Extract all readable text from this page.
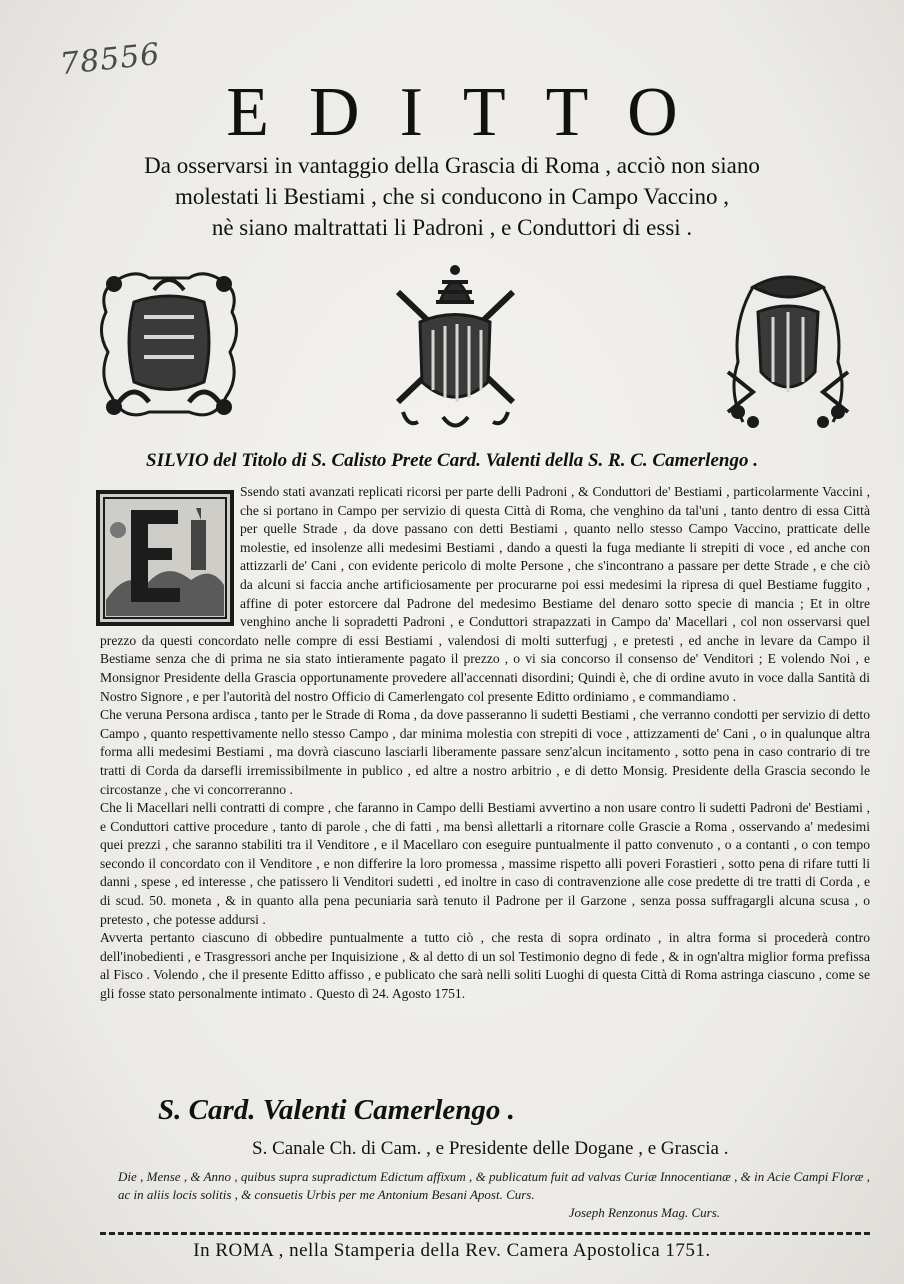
78556
EDITTO
Da osservarsi in vantaggio della Grascia di Roma , acciò non siano
molestati li Bestiami , che si conducono in Campo Vaccino ,
nè siano maltrattati li Padroni , e Conduttori di essi .
SILVIO del Titolo di S. Calisto Prete Card. Valenti della S. R. C. Camerlengo .

Ssendo stati avanzati replicati ricorsi per parte delli Padroni , & Conduttori de' Bestiami , particolarmente Vaccini , che si portano in Campo per servizio di questa Città di Roma, che venghino da tal'uni , tanto dentro di essa Città per quelle Strade , da dove passano con detti Bestiami , quanto nello stesso Campo Vaccino, pratticate delle molestie, ed insolenze alli medesimi Bestiami , dando a questi la fuga mediante li strepiti di voce , ed anche con attizzarli de' Cani , con evidente pericolo di molte Persone , che s'incontrano a passare per dette Strade , e che ciò da alcuni si faccia anche artificiosamente per procurarne poi essi medesimi la ripresa di quel Bestiame fuggito , affine di poter estorcere dal Padrone del medesimo Bestiame del denaro sotto specie di mancia ; Et in oltre venghino anche li sopradetti Padroni , e Conduttori strapazzati in Campo da' Macellari , col non osservarsi quel prezzo da questi concordato nelle compre di essi Bestiami , valendosi di molti sutterfugj , e pretesti , ed anche in levare da Campo il Bestiame senza che di prima ne sia stato intieramente pagato il prezzo , o vi sia concorso il consenso de' Venditori ; E volendo Noi , e Monsignor Presidente della Grascia opportunamente provedere all'accennati disordini; Quindi è, che di ordine avuto in voce dalla Santità di Nostro Signore , e per l'autorità del nostro Officio di Camerlengato col presente Editto ordiniamo , e commandiamo .

Che veruna Persona ardisca , tanto per le Strade di Roma , da dove passeranno li sudetti Bestiami , che verranno condotti per servizio di detto Campo , quanto respettivamente nello stesso Campo , dar minima molestia con strepiti di voce , attizzamenti de' Cani , o in qualunque altra forma alli medesimi Bestiami , ma dovrà ciascuno lasciarli liberamente passare senz'alcun incitamento , sotto pena in caso contrario di tre tratti di Corda da darsefli irremissibilmente in publico , ed altre a nostro arbitrio , e di detto Monsig. Presidente della Grascia secondo le circostanze , che vi concorreranno .

Che li Macellari nelli contratti di compre , che faranno in Campo delli Bestiami avvertino a non usare contro li sudetti Padroni de' Bestiami , e Conduttori cattive procedure , tanto di parole , che di fatti , ma bensì allettarli a ritornare colle Grascie a Roma , osservando a' medesimi quei prezzi , che saranno stabiliti tra il Venditore , e il Macellaro con eseguire puntualmente il patto convenuto , o a contanti , o con tempo secondo il concordato con il Venditore , e non differire la loro promessa , massime rispetto alli poveri Forastieri , sotto pena di rifare tutti li danni , spese , ed interesse , che patissero li Venditori sudetti , ed inoltre in caso di contravenzione alle cose predette di tre tratti di Corda , e di scud. 50. moneta , & in quanto alla pena pecuniaria sarà tenuto il Padrone per il Garzone , senza possa suffragargli alcuna scusa , o pretesto , che potesse addursi .

Avverta pertanto ciascuno di obbedire puntualmente a tutto ciò , che resta di sopra ordinato , in altra forma si procederà contro dell'inobedienti , e Trasgressori anche per Inquisizione , & al detto di un sol Testimonio degno di fede , & in ogn'altra miglior forma prefissa al Fisco . Volendo , che il presente Editto affisso , e publicato che sarà nelli soliti Luoghi di questa Città di Roma astringa ciascuno , come se gli fosse stato personalmente intimato . Questo dì 24. Agosto 1751.

S. Card. Valenti Camerlengo .
S. Canale Ch. di Cam. , e Presidente delle Dogane , e Grascia .
Die , Mense , & Anno , quibus supra supradictum Edictum affixum , & publicatum fuit ad valvas Curiæ Innocentianæ , & in Acie Campi Floræ , ac in aliis locis solitis , & consuetis Urbis per me Antonium Besani Apost. Curs.
Joseph Renzonus Mag. Curs.
In ROMA , nella Stamperia della Rev. Camera Apostolica 1751.
